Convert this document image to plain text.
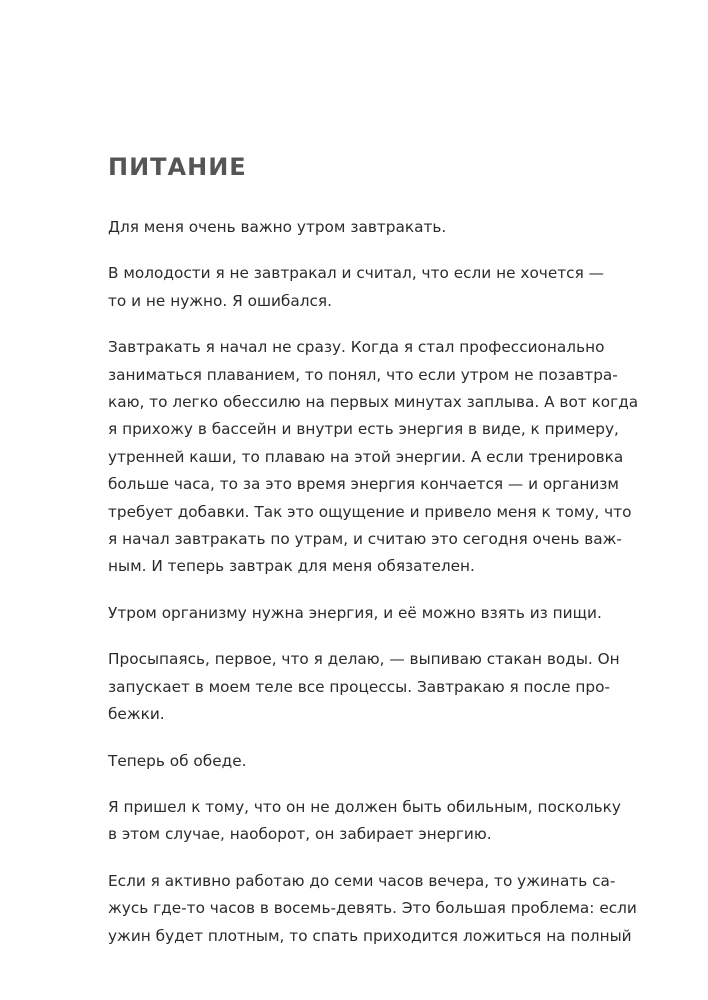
ПИТАНИЕ

Для меня очень важно утром завтракать.

В молодости я не завтракал и считал, что если не хочется —
то и не нужно. Я ошибался.

Завтракать я начал не сразу. Когда я стал профессионально
заниматься плаванием, то понял, что если утром не позавтра-
каю, то легко обессилю на первых минутах заплыва. А вот когда
я прихожу в бассейн и внутри есть энергия в виде, к примеру,
утренней каши, то плаваю на этой энергии. А если тренировка
больше часа, то за это время энергия кончается — и организм
требует добавки. Так это ощущение и привело меня к тому, что
я начал завтракать по утрам, и считаю это сегодня очень важ-
ным. И теперь завтрак для меня обязателен.

Утром организму нужна энергия, и её можно взять из пищи.

Просыпаясь, первое, что я делаю, — выпиваю стакан воды. Он
запускает в моем теле все процессы. Завтракаю я после про-
бежки.

Теперь об обеде.

Я пришел к тому, что он не должен быть обильным, поскольку
в этом случае, наоборот, он забирает энергию.

Если я активно работаю до семи часов вечера, то ужинать са-
жусь где-то часов в восемь-девять. Это большая проблема: если
ужин будет плотным, то спать приходится ложиться на полный
